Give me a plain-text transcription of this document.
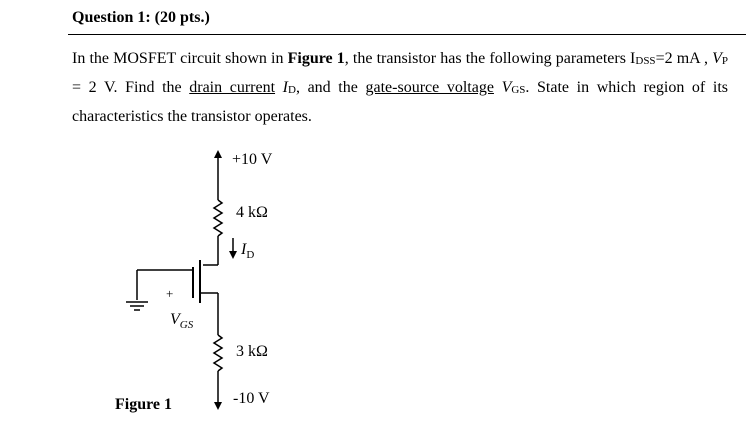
Question 1: (20 pts.)
In the MOSFET circuit shown in Figure 1, the transistor has the following parameters IDSS=2 mA , VP = 2 V. Find the drain current ID, and the gate-source voltage VGS. State in which region of its characteristics the transistor operates.
+10 V
4 kΩ
$I_D$
+
$V_{GS}$
3 kΩ
-10 V
Figure 1
